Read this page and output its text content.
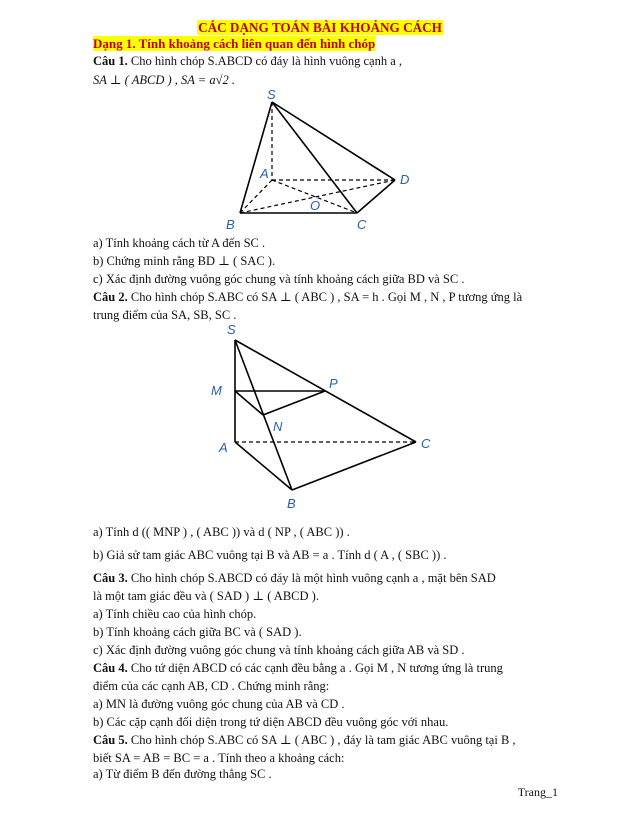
CÁC DẠNG TOÁN BÀI KHOẢNG CÁCH
Dạng 1. Tính khoảng cách liên quan đến hình chóp
Câu 1. Cho hình chóp S.ABCD có đáy là hình vuông cạnh a ,
SA ⊥ ( ABCD ) , SA = a√2 .
S
A	D
O
B	C
a) Tính khoảng cách từ A đến SC .
b) Chứng minh rằng BD ⊥ ( SAC ).
c) Xác định đường vuông góc chung và tính khoảng cách giữa BD và SC .
Câu 2. Cho hình chóp S.ABC có SA ⊥ ( ABC ) , SA = h . Gọi M , N , P tương ứng là
trung điểm của SA, SB, SC .
S
M	P
N
A	C
B
a) Tính d (( MNP ) , ( ABC )) và d ( NP , ( ABC )) .
b) Giả sử tam giác ABC vuông tại B và AB = a . Tính d ( A , ( SBC )) .
Câu 3. Cho hình chóp S.ABCD có đáy là một hình vuông cạnh a , mặt bên SAD
là một tam giác đều và ( SAD ) ⊥ ( ABCD ).
a) Tính chiều cao của hình chóp.
b) Tính khoảng cách giữa BC và ( SAD ).
c) Xác định đường vuông góc chung và tính khoảng cách giữa AB và SD .
Câu 4. Cho tứ diện ABCD có các cạnh đều bằng a . Gọi M , N tương ứng là trung
điểm của các cạnh AB, CD . Chứng minh rằng:
a) MN là đường vuông góc chung của AB và CD .
b) Các cặp cạnh đối diện trong tứ diện ABCD đều vuông góc với nhau.
Câu 5. Cho hình chóp S.ABC có SA ⊥ ( ABC ) , đáy là tam giác ABC vuông tại B ,
biết SA = AB = BC = a . Tính theo a khoảng cách:
a) Từ điểm B đến đường thẳng SC .
Trang_1
